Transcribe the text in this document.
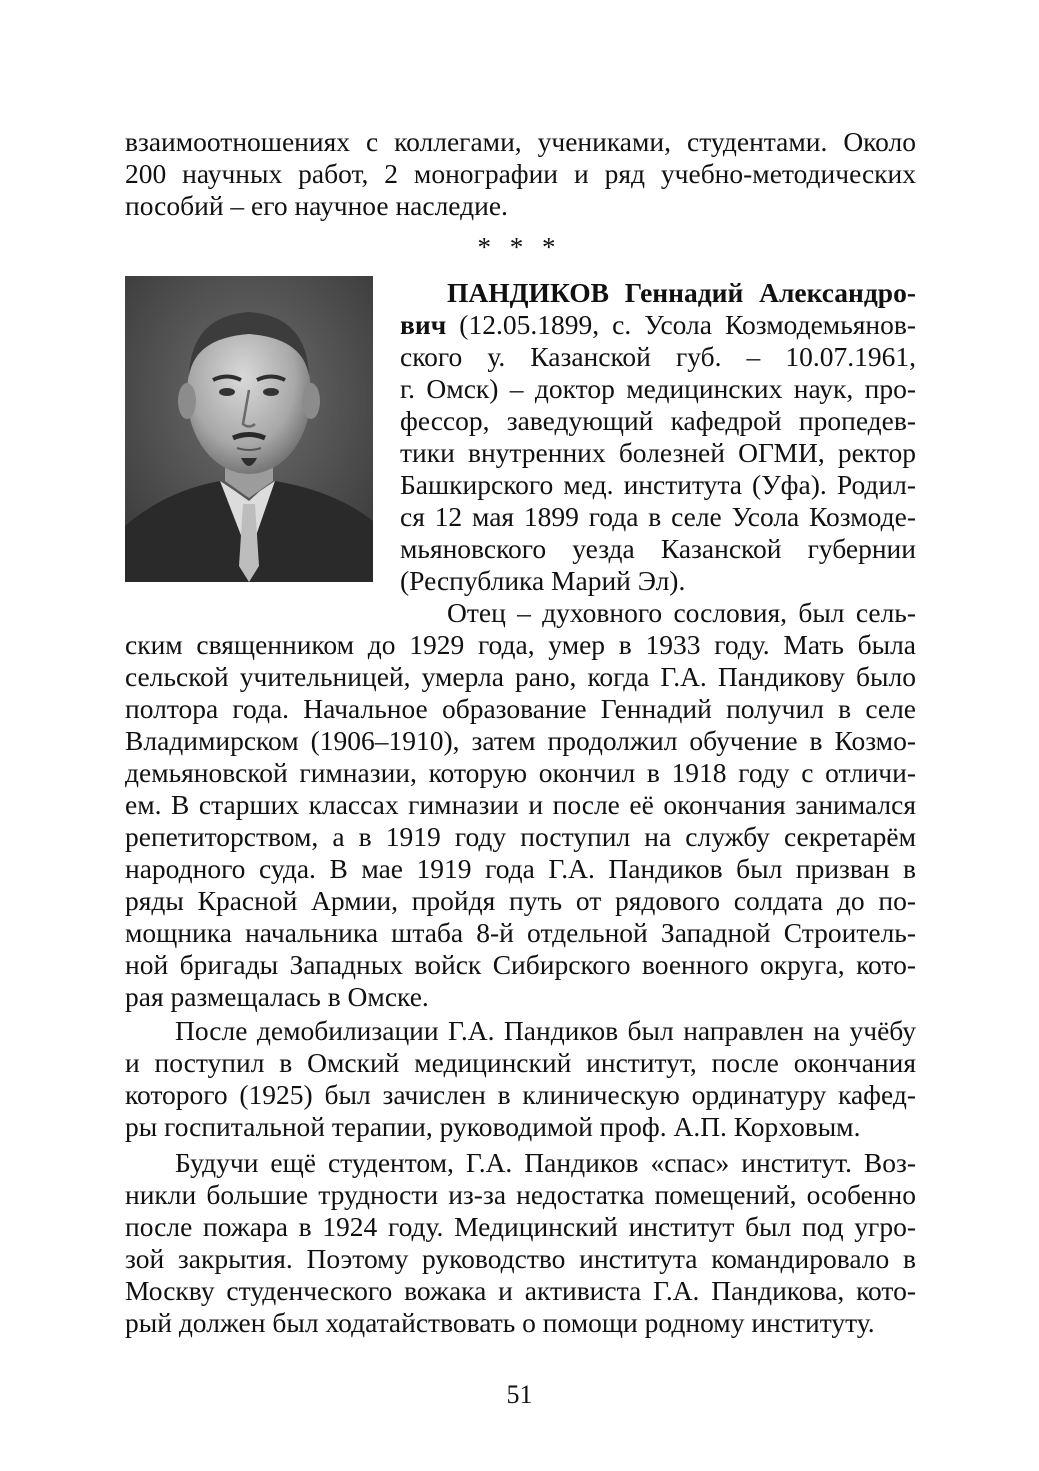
взаимоотношениях с коллегами, учениками, студентами. Около
200 научных работ, 2 монографии и ряд учебно-методических
пособий – его научное наследие.
* * *
ПАНДИКОВ Геннадий Александро-
вич (12.05.1899, с. Усола Козмодемьянов-
ского у. Казанской губ. – 10.07.1961,
г. Омск) – доктор медицинских наук, про-
фессор, заведующий кафедрой пропедев-
тики внутренних болезней ОГМИ, ректор
Башкирского мед. института (Уфа). Родил-
ся 12 мая 1899 года в селе Усола Козмоде-
мьяновского уезда Казанской губернии
(Республика Марий Эл).
Отец – духовного сословия, был сель-
ским священником до 1929 года, умер в 1933 году. Мать была
сельской учительницей, умерла рано, когда Г.А. Пандикову было
полтора года. Начальное образование Геннадий получил в селе
Владимирском (1906–1910), затем продолжил обучение в Козмо-
демьяновской гимназии, которую окончил в 1918 году с отличи-
ем. В старших классах гимназии и после её окончания занимался
репетиторством, а в 1919 году поступил на службу секретарём
народного суда. В мае 1919 года Г.А. Пандиков был призван в
ряды Красной Армии, пройдя путь от рядового солдата до по-
мощника начальника штаба 8-й отдельной Западной Строитель-
ной бригады Западных войск Сибирского военного округа, кото-
рая размещалась в Омске.
После демобилизации Г.А. Пандиков был направлен на учёбу
и поступил в Омский медицинский институт, после окончания
которого (1925) был зачислен в клиническую ординатуру кафед-
ры госпитальной терапии, руководимой проф. А.П. Корховым.
Будучи ещё студентом, Г.А. Пандиков «спас» институт. Воз-
никли большие трудности из-за недостатка помещений, особенно
после пожара в 1924 году. Медицинский институт был под угро-
зой закрытия. Поэтому руководство института командировало в
Москву студенческого вожака и активиста Г.А. Пандикова, кото-
рый должен был ходатайствовать о помощи родному институту.
51
